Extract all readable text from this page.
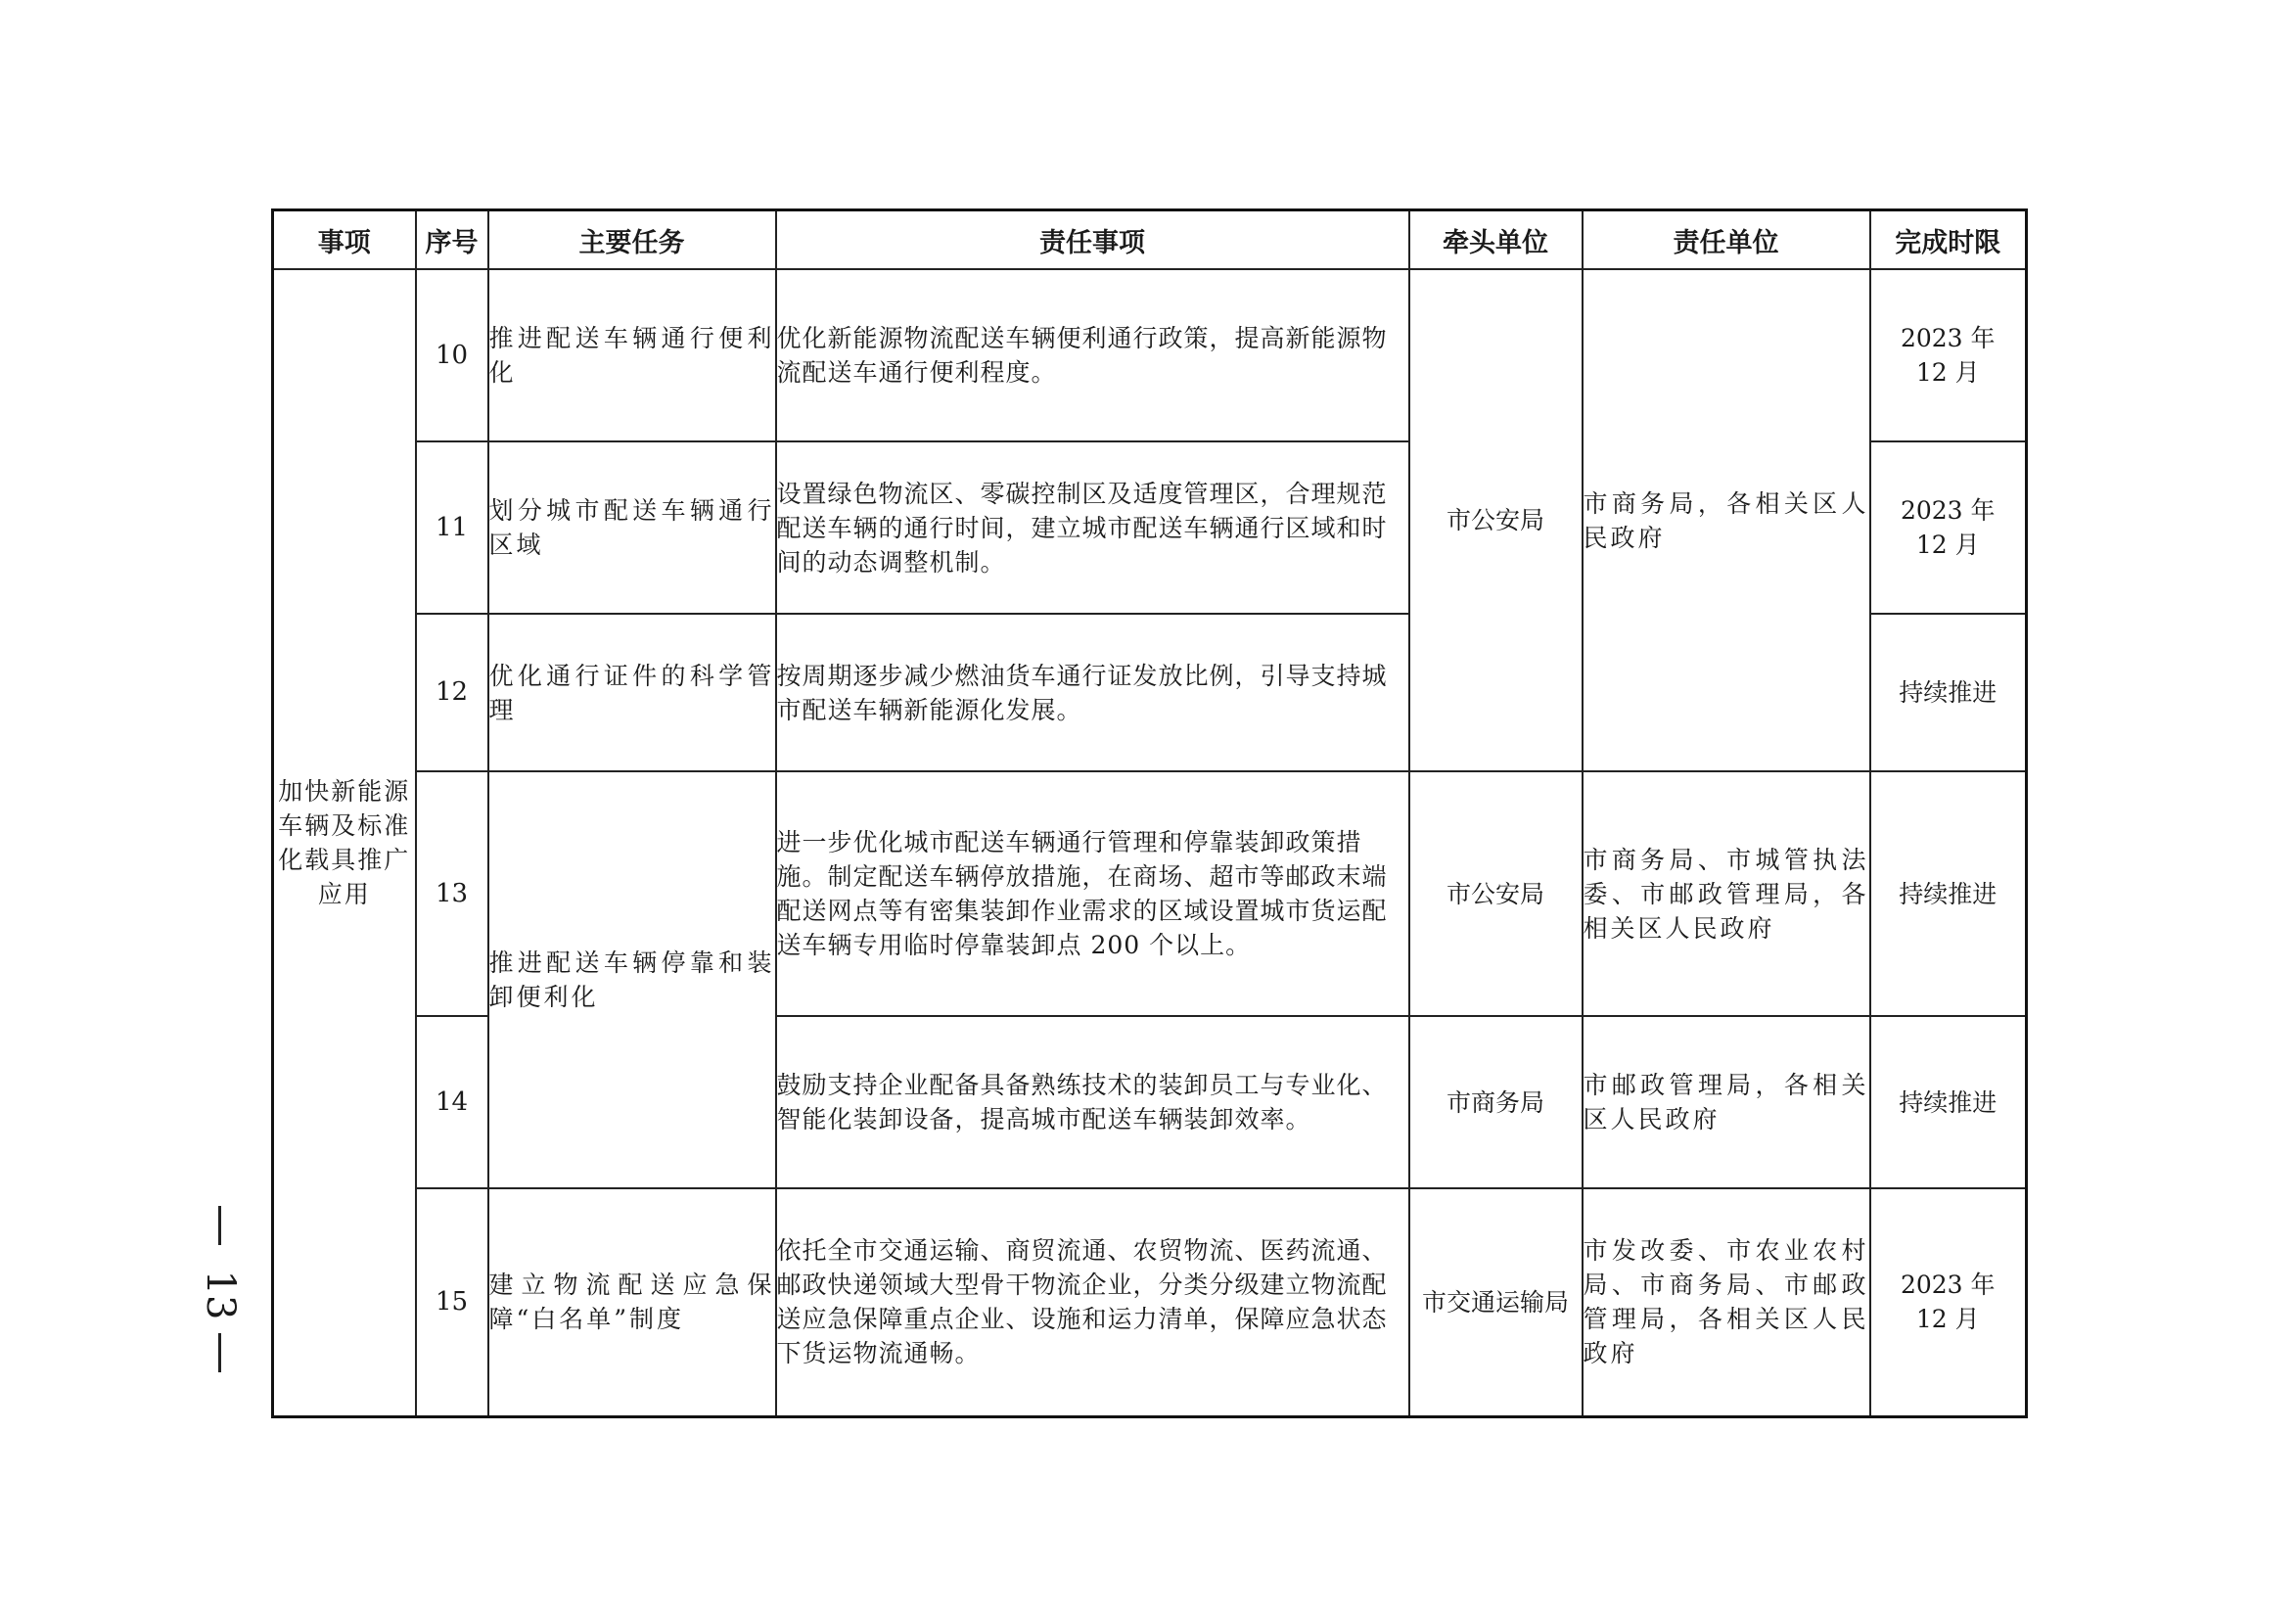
事项	序号	主要任务	责任事项	牵头单位	责任单位	完成时限
加快新能源车辆及标准化载具推广应用	10	推进配送车辆通行便利化	优化新能源物流配送车辆便利通行政策，提高新能源物流配送车通行便利程度。	市公安局	市商务局，各相关区人民政府	2023 年 12 月
	11	划分城市配送车辆通行区域	设置绿色物流区、零碳控制区及适度管理区，合理规范配送车辆的通行时间，建立城市配送车辆通行区域和时间的动态调整机制。			2023 年 12 月
	12	优化通行证件的科学管理	按周期逐步减少燃油货车通行证发放比例，引导支持城市配送车辆新能源化发展。			持续推进
	13	推进配送车辆停靠和装卸便利化	进一步优化城市配送车辆通行管理和停靠装卸政策措施。制定配送车辆停放措施，在商场、超市等邮政末端配送网点等有密集装卸作业需求的区域设置城市货运配送车辆专用临时停靠装卸点 200 个以上。	市公安局	市商务局、市城管执法委、市邮政管理局，各相关区人民政府	持续推进
	14		鼓励支持企业配备具备熟练技术的装卸员工与专业化、智能化装卸设备，提高城市配送车辆装卸效率。	市商务局	市邮政管理局，各相关区人民政府	持续推进
	15	建立物流配送应急保障“白名单”制度	依托全市交通运输、商贸流通、农贸物流、医药流通、邮政快递领域大型骨干物流企业，分类分级建立物流配送应急保障重点企业、设施和运力清单，保障应急状态下货运物流通畅。	市交通运输局	市发改委、市农业农村局、市商务局、市邮政管理局，各相关区人民政府	2023 年 12 月
13
